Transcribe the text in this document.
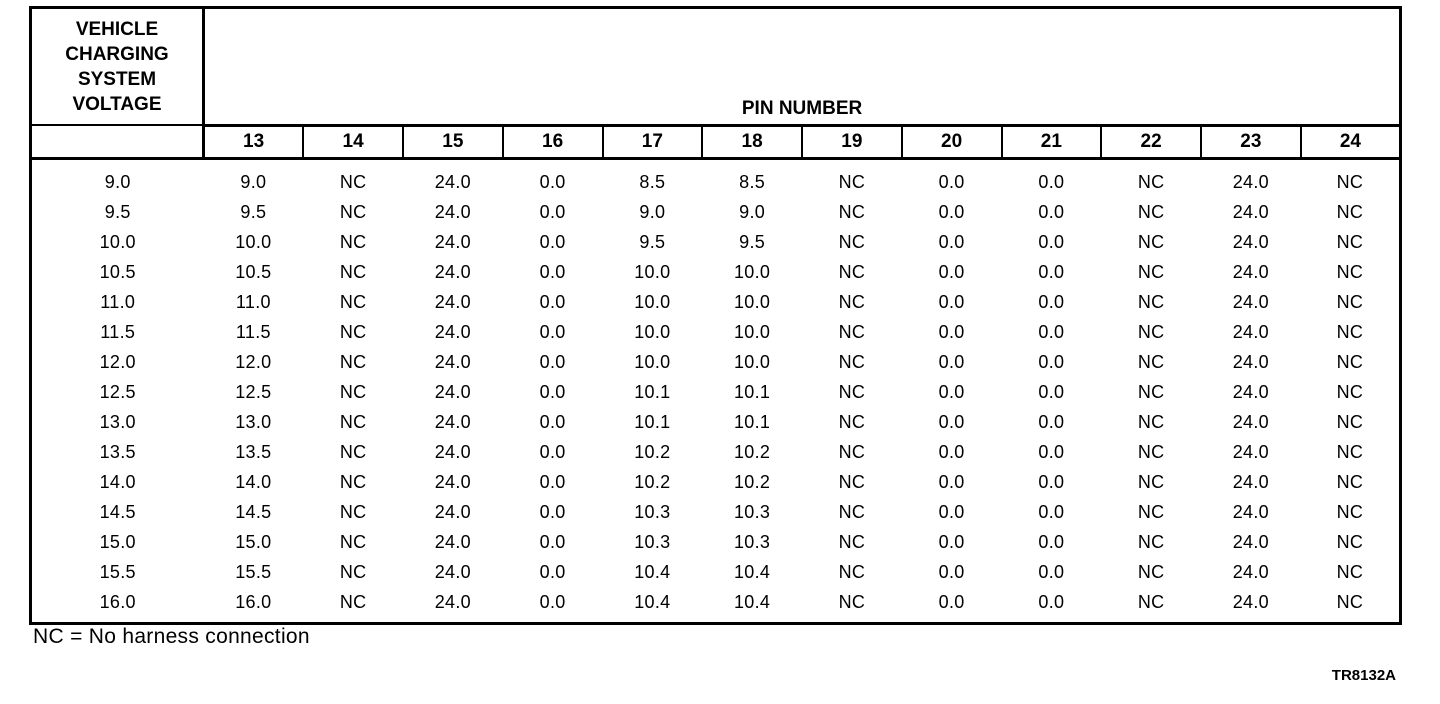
VEHICLE
CHARGING
SYSTEM
VOLTAGE	PIN NUMBER											
	13	14	15	16	17	18	19	20	21	22	23	24
9.0	9.0	NC	24.0	0.0	8.5	8.5	NC	0.0	0.0	NC	24.0	NC
9.5	9.5	NC	24.0	0.0	9.0	9.0	NC	0.0	0.0	NC	24.0	NC
10.0	10.0	NC	24.0	0.0	9.5	9.5	NC	0.0	0.0	NC	24.0	NC
10.5	10.5	NC	24.0	0.0	10.0	10.0	NC	0.0	0.0	NC	24.0	NC
11.0	11.0	NC	24.0	0.0	10.0	10.0	NC	0.0	0.0	NC	24.0	NC
11.5	11.5	NC	24.0	0.0	10.0	10.0	NC	0.0	0.0	NC	24.0	NC
12.0	12.0	NC	24.0	0.0	10.0	10.0	NC	0.0	0.0	NC	24.0	NC
12.5	12.5	NC	24.0	0.0	10.1	10.1	NC	0.0	0.0	NC	24.0	NC
13.0	13.0	NC	24.0	0.0	10.1	10.1	NC	0.0	0.0	NC	24.0	NC
13.5	13.5	NC	24.0	0.0	10.2	10.2	NC	0.0	0.0	NC	24.0	NC
14.0	14.0	NC	24.0	0.0	10.2	10.2	NC	0.0	0.0	NC	24.0	NC
14.5	14.5	NC	24.0	0.0	10.3	10.3	NC	0.0	0.0	NC	24.0	NC
15.0	15.0	NC	24.0	0.0	10.3	10.3	NC	0.0	0.0	NC	24.0	NC
15.5	15.5	NC	24.0	0.0	10.4	10.4	NC	0.0	0.0	NC	24.0	NC
16.0	16.0	NC	24.0	0.0	10.4	10.4	NC	0.0	0.0	NC	24.0	NC
NC = No harness connection
TR8132A
